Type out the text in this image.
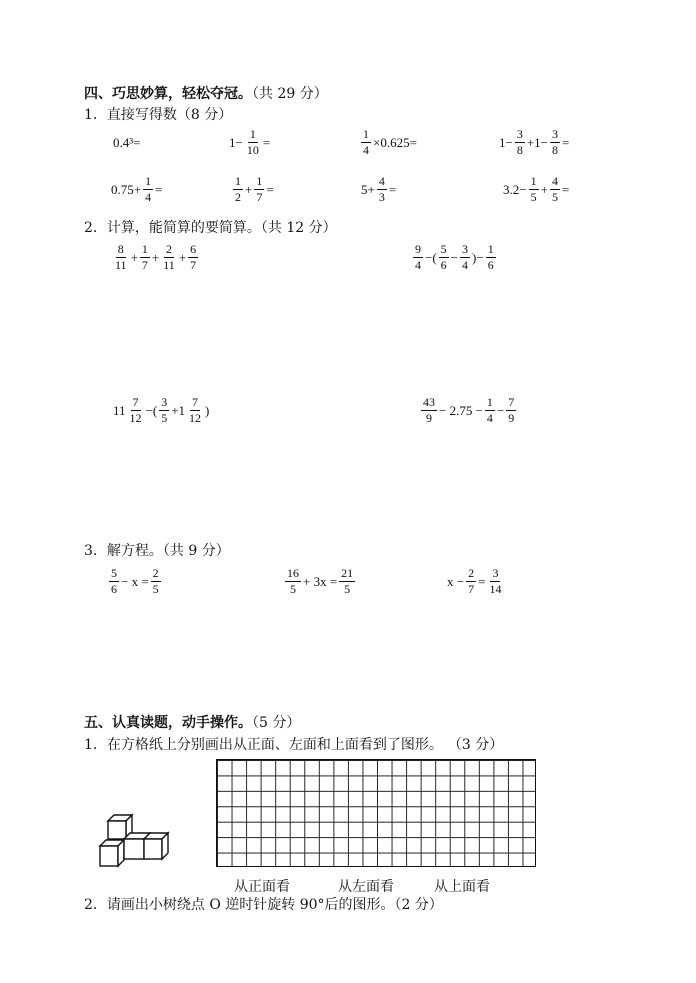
四、巧思妙算，轻松夺冠。（共 29 分）
1．直接写得数（8 分）
0.4³=	$1- \frac{1}{10}$ =	$\frac{1}{4} \times 0.625=$	$1- \frac{3}{8} +1- \frac{3}{8}$ =
$0.75+ \frac{1}{4}$ =	$\frac{1}{2} + \frac{1}{7}$ =	$5+ \frac{4}{3}$ =	$3.2- \frac{1}{5} + \frac{4}{5}$ =
2．计算，能简算的要简算。（共 12 分）
$\frac{8}{11} + \frac{1}{7} + \frac{2}{11} + \frac{6}{7}$	$\frac{9}{4}$ −( $\frac{5}{6} - \frac{3}{4}$ )− $\frac{1}{6}$
$11 \frac{7}{12}$ −( $\frac{3}{5} +1 \frac{7}{12}$ )	$\frac{43}{9} - 2.75 - \frac{1}{4} - \frac{7}{9}$
3．解方程。（共 9 分）
$\frac{5}{6} - x = \frac{2}{5}$	$\frac{16}{5} + 3x = \frac{21}{5}$	$x - \frac{2}{7} = \frac{3}{14}$
五、认真读题，动手操作。（5 分）
1．在方格纸上分别画出从正面、左面和上面看到了图形。 （3 分）
从正面看	从左面看	从上面看
2．请画出小树绕点 O 逆时针旋转 90°后的图形。（2 分）
